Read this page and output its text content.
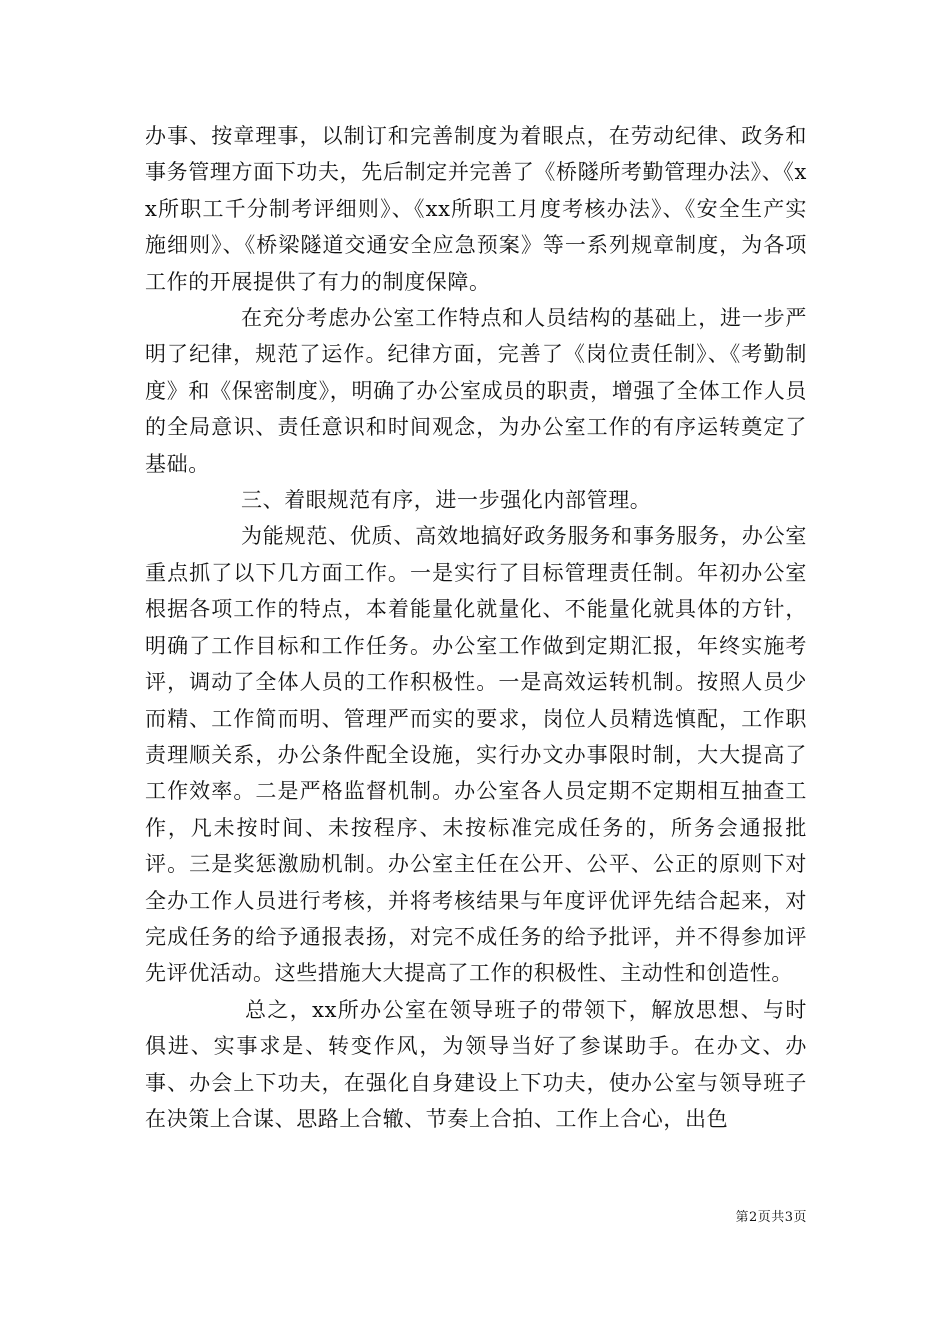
办事、按章理事，以制订和完善制度为着眼点，在劳动纪律、政务和事务管理方面下功夫，先后制定并完善了《桥隧所考勤管理办法》、《xx所职工千分制考评细则》、《xx所职工月度考核办法》、《安全生产实施细则》、《桥梁隧道交通安全应急预案》等一系列规章制度，为各项工作的开展提供了有力的制度保障。

在充分考虑办公室工作特点和人员结构的基础上，进一步严明了纪律，规范了运作。纪律方面，完善了《岗位责任制》、《考勤制度》和《保密制度》，明确了办公室成员的职责，增强了全体工作人员的全局意识、责任意识和时间观念，为办公室工作的有序运转奠定了基础。

三、着眼规范有序，进一步强化内部管理。

为能规范、优质、高效地搞好政务服务和事务服务，办公室重点抓了以下几方面工作。一是实行了目标管理责任制。年初办公室根据各项工作的特点，本着能量化就量化、不能量化就具体的方针，明确了工作目标和工作任务。办公室工作做到定期汇报，年终实施考评，调动了全体人员的工作积极性。一是高效运转机制。按照人员少而精、工作简而明、管理严而实的要求，岗位人员精选慎配，工作职责理顺关系，办公条件配全设施，实行办文办事限时制，大大提高了工作效率。二是严格监督机制。办公室各人员定期不定期相互抽查工作，凡未按时间、未按程序、未按标准完成任务的，所务会通报批评。三是奖惩激励机制。办公室主任在公开、公平、公正的原则下对全办工作人员进行考核，并将考核结果与年度评优评先结合起来，对完成任务的给予通报表扬，对完不成任务的给予批评，并不得参加评先评优活动。这些措施大大提高了工作的积极性、主动性和创造性。

总之，xx所办公室在领导班子的带领下，解放思想、与时俱进、实事求是、转变作风，为领导当好了参谋助手。在办文、办事、办会上下功夫，在强化自身建设上下功夫，使办公室与领导班子在决策上合谋、思路上合辙、节奏上合拍、工作上合心，出色

第2页共3页
